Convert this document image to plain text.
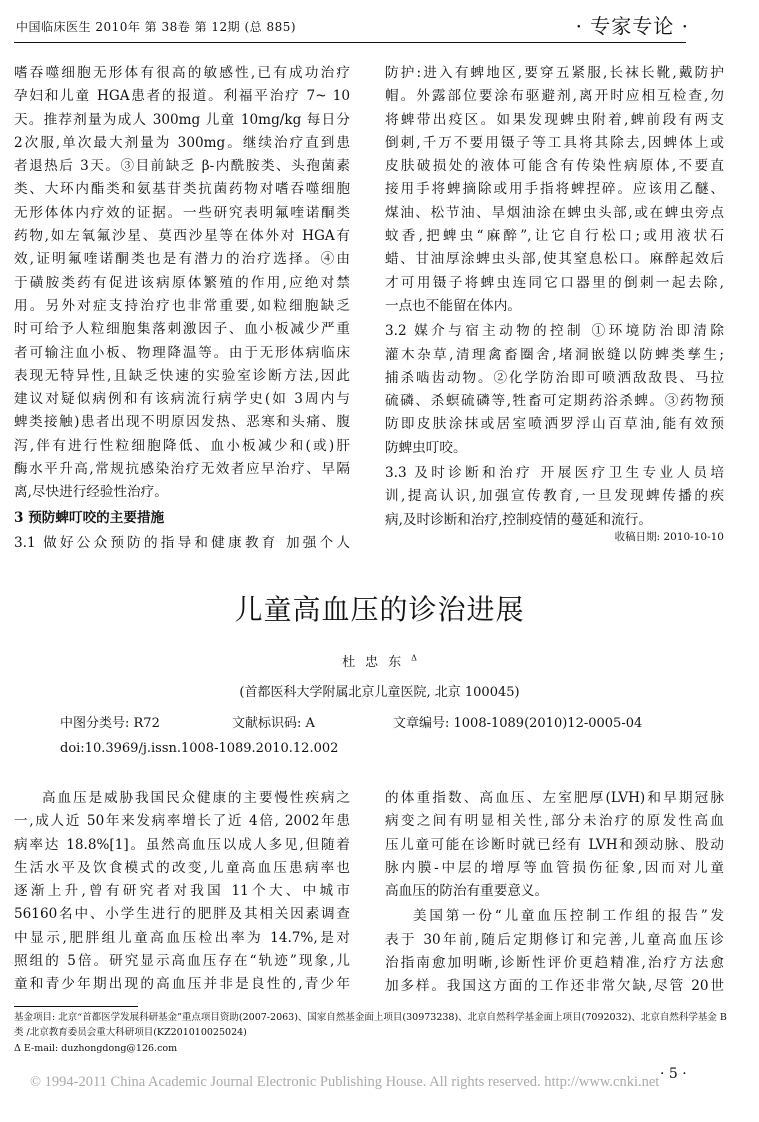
中国临床医生 2010年 第 38卷 第 12期 (总 885)	· 专家专论 ·
嗜吞噬细胞无形体有很高的敏感性,已有成功治疗
孕妇和儿童 HGA患者的报道。利福平治疗 7~ 10
天。推荐剂量为成人 300mg 儿童 10mg/kg 每日分
2次服,单次最大剂量为 300mg。继续治疗直到患
者退热后 3天。③目前缺乏 β-内酰胺类、头孢菌素
类、大环内酯类和氨基苷类抗菌药物对嗜吞噬细胞
无形体体内疗效的证据。一些研究表明氟喹诺酮类
药物,如左氧氟沙星、莫西沙星等在体外对 HGA有
效,证明氟喹诺酮类也是有潜力的治疗选择。④由
于磺胺类药有促进该病原体繁殖的作用,应绝对禁
用。另外对症支持治疗也非常重要,如粒细胞缺乏
时可给予人粒细胞集落刺激因子、血小板减少严重
者可输注血小板、物理降温等。由于无形体病临床
表现无特异性,且缺乏快速的实验室诊断方法,因此
建议对疑似病例和有该病流行病学史(如 3周内与
蜱类接触)患者出现不明原因发热、恶寒和头痛、腹
泻,伴有进行性粒细胞降低、血小板减少和(或)肝
酶水平升高,常规抗感染治疗无效者应早治疗、早隔
离,尽快进行经验性治疗。
3 预防蜱叮咬的主要措施
3.1 做好公众预防的指导和健康教育 加强个人
防护:进入有蜱地区,要穿五紧服,长袜长靴,戴防护
帽。外露部位要涂布驱避剂,离开时应相互检查,勿
将蜱带出疫区。如果发现蜱虫附着,蜱前段有两支
倒刺,千万不要用镊子等工具将其除去,因蜱体上或
皮肤破损处的液体可能含有传染性病原体,不要直
接用手将蜱摘除或用手指将蜱捏碎。应该用乙醚、
煤油、松节油、旱烟油涂在蜱虫头部,或在蜱虫旁点
蚊香,把蜱虫“麻醉”,让它自行松口;或用液状石
蜡、甘油厚涂蜱虫头部,使其窒息松口。麻醉起效后
才可用镊子将蜱虫连同它口器里的倒刺一起去除,
一点也不能留在体内。
3.2 媒介与宿主动物的控制 ①环境防治即清除
灌木杂草,清理禽畜圈舍,堵洞嵌缝以防蜱类孳生;
捕杀啮齿动物。②化学防治即可喷洒敌敌畏、马拉
硫磷、杀螟硫磷等,牲畜可定期药浴杀蜱。③药物预
防即皮肤涂抹或居室喷洒罗浮山百草油,能有效预
防蜱虫叮咬。
3.3 及时诊断和治疗 开展医疗卫生专业人员培
训,提高认识,加强宣传教育,一旦发现蜱传播的疾
病,及时诊断和治疗,控制疫情的蔓延和流行。
收稿日期: 2010-10-10
儿童高血压的诊治进展
杜忠东$^\Delta$
(首都医科大学附属北京儿童医院, 北京 100045)
中图分类号: R72	文献标识码: A	文章编号: 1008-1089(2010)12-0005-04
doi:10.3969/j.issn.1008-1089.2010.12.002
高血压是威胁我国民众健康的主要慢性疾病之
一,成人近 50年来发病率增长了近 4倍, 2002年患
病率达 18.8%[1]。虽然高血压以成人多见,但随着
生活水平及饮食模式的改变,儿童高血压患病率也
逐渐上升,曾有研究者对我国 11个大、中城市
56160名中、小学生进行的肥胖及其相关因素调查
中显示,肥胖组儿童高血压检出率为 14.7%,是对
照组的 5倍。研究显示高血压存在“轨迹”现象,儿
童和青少年期出现的高血压并非是良性的,青少年
的体重指数、高血压、左室肥厚(LVH)和早期冠脉
病变之间有明显相关性,部分未治疗的原发性高血
压儿童可能在诊断时就已经有 LVH和颈动脉、股动
脉内膜-中层的增厚等血管损伤征象,因而对儿童
高血压的防治有重要意义。
美国第一份“儿童血压控制工作组的报告”发
表于 30年前,随后定期修订和完善,儿童高血压诊
治指南愈加明晰,诊断性评价更趋精准,治疗方法愈
加多样。我国这方面的工作还非常欠缺,尽管 20世
基金项目: 北京“首都医学发展科研基金”重点项目资助(2007-2063)、国家自然基金面上项目(30973238)、北京自然科学基金面上项目(7092032)、北京自然科学基金 B类 /北京教育委员会重大科研项目(KZ201010025024)
Δ E-mail: duzhongdong@126.com
© 1994-2011 China Academic Journal Electronic Publishing House. All rights reserved. http://www.cnki.net · 5 ·
